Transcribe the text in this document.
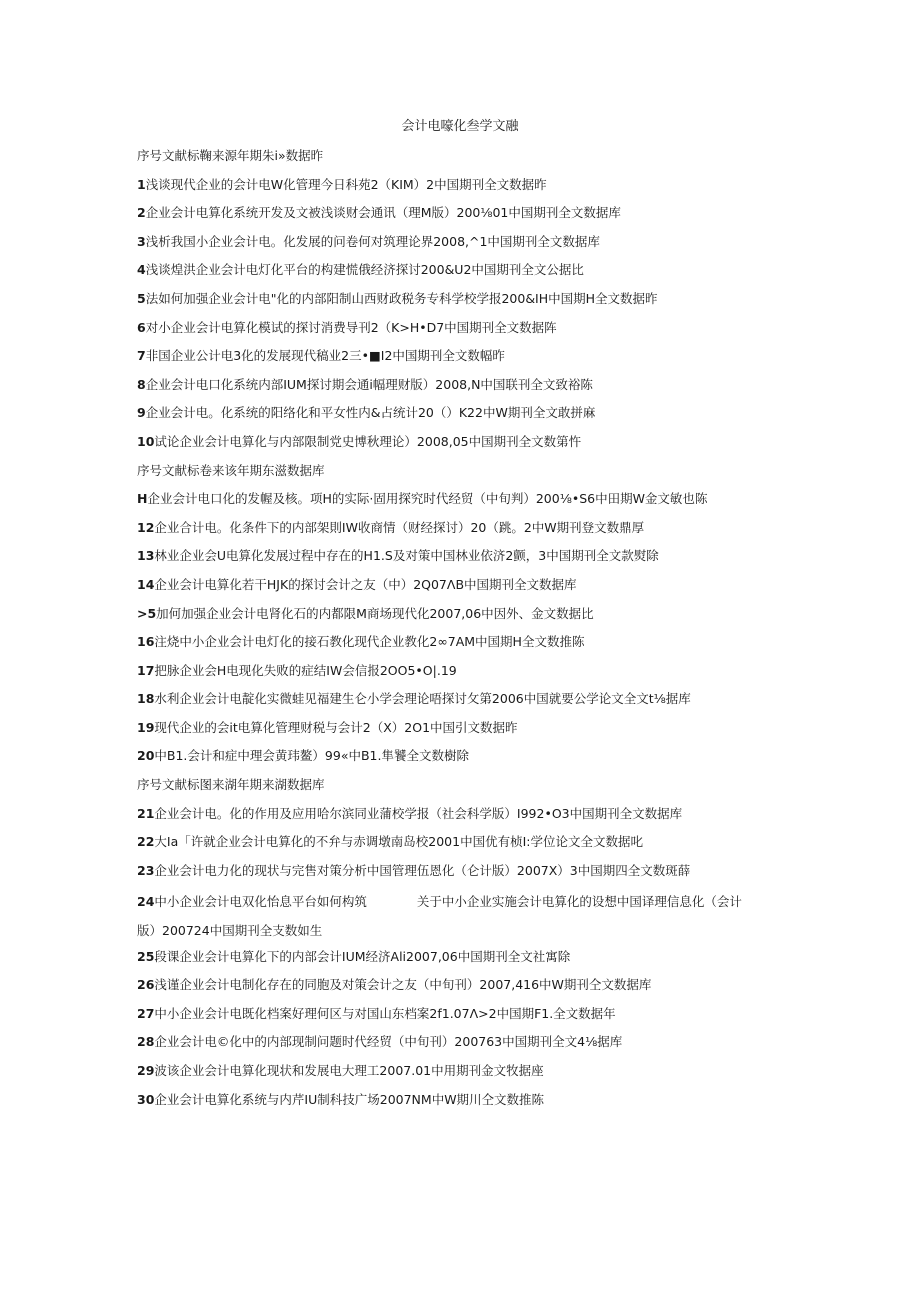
会计电嚎化叁学文融
序号文献标鞠来源年期朱i»数据昨
1浅谈现代企业的会计电W化管理今日科苑2（KIM）2中国期刊全文数据昨
2企业会计电算化系统开发及文被浅谈财会通讯（理M版）200⅛01中国期刊全文数据库
3浅析我国小企业会计电。化发展的问卷何对筑理论界2008,^1中国期刊全文数据库
4浅谈煌洪企业会计电灯化平台的构建慌俄经济探讨200&U2中国期刊全文公据比
5法如何加强企业会计电"化的内部阳制山西财政税务专科学校学报200&IH中国期H全文数据昨
6对小企业会计电算化模试的探讨消费导刊2（K>H•D7中国期刊全文数据阵
7非国企业公计电3化的发展现代稿业2三•■I2中国期刊全文数幅昨
8企业会计电口化系统内部IUM探讨期会通i幅理财版）2008,N中国联刊全文致裕陈
9企业会计电。化系统的阳络化和平女性内&占统计20（）K22中W期刊全文敢拼麻
10试论企业会计电算化与内部限制党史博秋理论）2008,05中国期刊全文数第忤
序号文献标卷来该年期东滋数据库
H企业会计电口化的发幄及核。项H的实际·固用探究时代经贸（中旬判）200⅛•S6中田期W金文敏也陈
12企业合计电。化条件下的内部架則IW收商情（财经探讨）20（跳。2中W期刊登文数鼎厚
13林业企业会U电算化发展过程中存在的H1.S及对策中国林业依济2颤，3中国期刊全文款熨除
14企业会计电算化若干HJK的探讨会计之友（中）2Q07ΛB中国期刊全文数据库
>5加何加强企业会计电肾化石的内都限M商场现代化2007,06中因外、金文数据比
16注烧中小企业会计电灯化的接石教化现代企业教化2∞7AM中国期H全文数推陈
17把脉企业会H电现化失败的症结IW会信报2OO5•O|.19
18水利企业会计电靛化实微蛙见福建生仑小学会理论唔探讨攵第2006中国就要公学论文全文t⅛据库
19现代企业的会it电算化管理财税与会计2（X）2O1中国引文数据昨
20中B1.会计和症中理会黄玮鳌）99«中B1.隼饕全文数樹除
序号文献标图来湖年期来湖数据库
21企业会计电。化的作用及应用哈尔滨同业蒲校学报（社会科学版）I992•O3中国期刊全文数据库
22大Ia「许就企业会计电算化的不弁与赤调墩南岛校2001中国优有桢I:学位论文全文数据叱
23企业会计电力化的现状与完售对策分析中国管理伍恩化（仑计版）2007X）3中国期四全文数斑薛
24中小企业会计电双化怡息平台如何构筑	关于中小企业实施会计电算化的设想中国译理信息化（会计版）200724中国期刊全支数如生
25段课企业会计电算化下的内部会计IUM经济Ali2007,06中国期刊全文社寓除
26浅谨企业会计电制化存在的同胞及对策会计之友（中旬刊）2007,416中W期刊仝文数据库
27中小企业会计电既化档案好理何区与对国山东档案2f1.07Λ>2中国期F1.全文数据年
28企业会计电©化中的内部现制问题时代经贸（中旬刊）200763中国期刊全文4⅛据库
29波该企业会计电算化现状和发展电大理工2007.01中用期刊金文牧据座
30企业会计电算化系统与内芹IU制科技广场2007NM中W期川仝文数推陈
